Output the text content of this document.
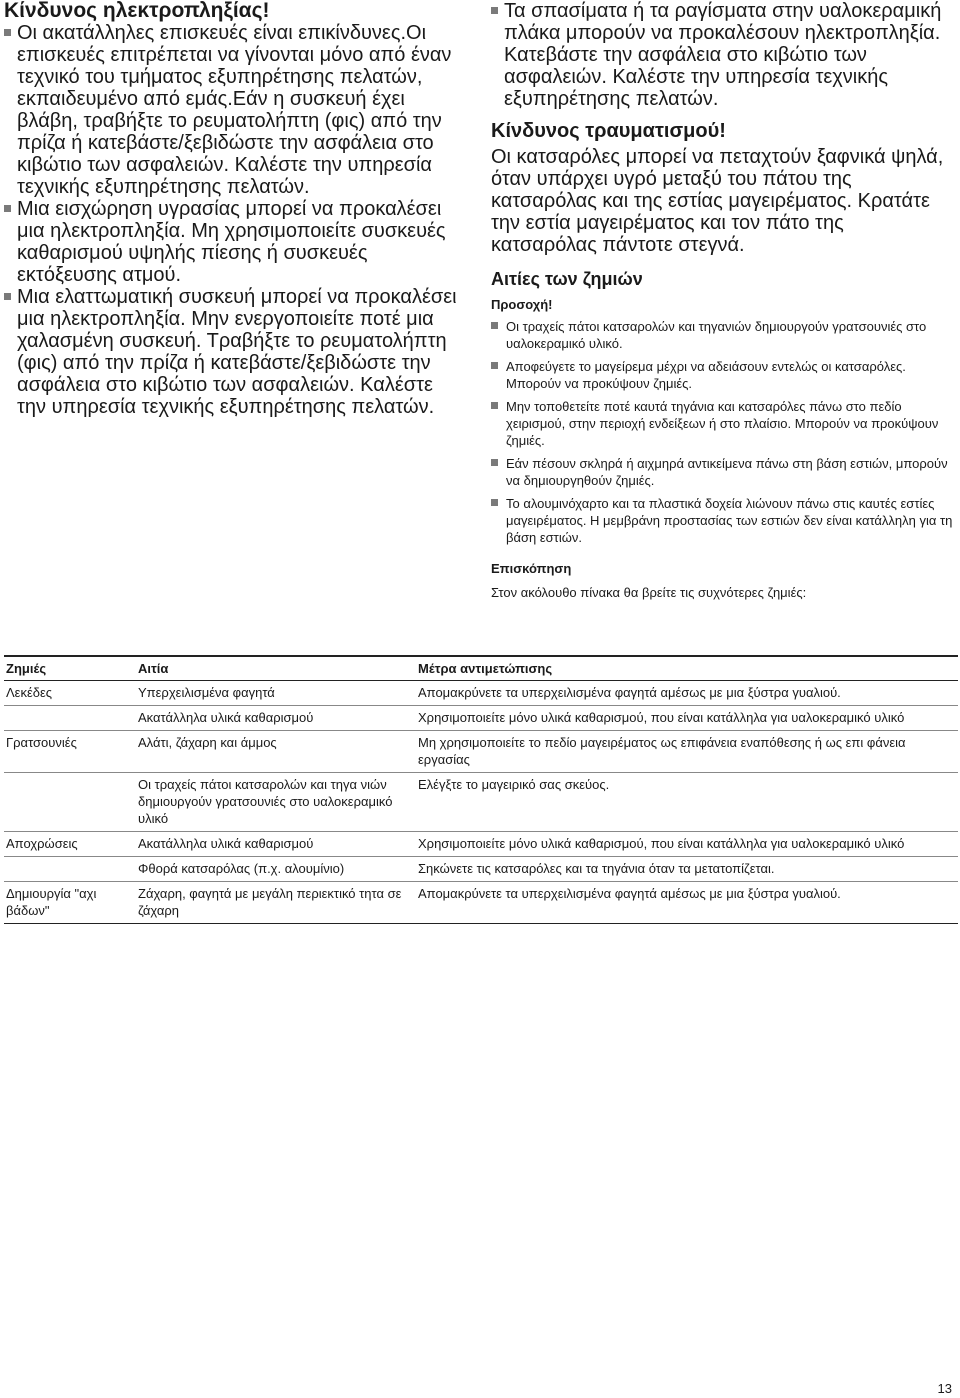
Κίνδυνος ηλεκτροπληξίας!

Οι ακατάλληλες επισκευές είναι επικίνδυνες.Οι επισκευές επιτρέπεται να γίνονται μόνο από έναν τεχνικό του τμήματος εξυπηρέτησης πελατών, εκπαιδευμένο από εμάς.Εάν η συσκευή έχει βλάβη, τραβήξτε το ρευματολήπτη (φις) από την πρίζα ή κατεβάστε/ξεβιδώστε την ασφάλεια στο κιβώτιο των ασφαλειών. Καλέστε την υπηρεσία τεχνικής εξυπηρέτησης πελατών.

Μια εισχώρηση υγρασίας μπορεί να προκαλέσει μια ηλεκτροπληξία. Μη χρησιμοποιείτε συσκευές καθαρισμού υψηλής πίεσης ή συσκευές εκτόξευσης ατμού.

Μια ελαττωματική συσκευή μπορεί να προκαλέσει μια ηλεκτροπληξία. Μην ενεργοποιείτε ποτέ μια χαλασμένη συσκευή. Τραβήξτε το ρευματολήπτη (φις) από την πρίζα ή κατεβάστε/ξεβιδώστε την ασφάλεια στο κιβώτιο των ασφαλειών. Καλέστε την υπηρεσία τεχνικής εξυπηρέτησης πελατών.

Τα σπασίματα ή τα ραγίσματα στην υαλοκεραμική πλάκα μπορούν να προκαλέσουν ηλεκτροπληξία. Κατεβάστε την ασφάλεια στο κιβώτιο των ασφαλειών. Καλέστε την υπηρεσία τεχνικής εξυπηρέτησης πελατών.

Κίνδυνος τραυματισμού!

Οι κατσαρόλες μπορεί να πεταχτούν ξαφνικά ψηλά, όταν υπάρχει υγρό μεταξύ του πάτου της κατσαρόλας και της εστίας μαγειρέματος. Κρατάτε την εστία μαγειρέματος και τον πάτο της κατσαρόλας πάντοτε στεγνά.

Αιτίες των ζημιών

Προσοχή!

Οι τραχείς πάτοι κατσαρολών και τηγανιών δημιουργούν γρατσουνιές στο υαλοκεραμικό υλικό.

Αποφεύγετε το μαγείρεμα μέχρι να αδειάσουν εντελώς οι κατσαρόλες. Μπορούν να προκύψουν ζημιές.

Μην τοποθετείτε ποτέ καυτά τηγάνια και κατσαρόλες πάνω στο πεδίο χειρισμού, στην περιοχή ενδείξεων ή στο πλαίσιο. Μπορούν να προκύψουν ζημιές.

Εάν πέσουν σκληρά ή αιχμηρά αντικείμενα πάνω στη βάση εστιών, μπορούν να δημιουργηθούν ζημιές.

Το αλουμινόχαρτο και τα πλαστικά δοχεία λιώνουν πάνω στις καυτές εστίες μαγειρέματος. Η μεμβράνη προστασίας των εστιών δεν είναι κατάλληλη για τη βάση εστιών.

Επισκόπηση

Στον ακόλουθο πίνακα θα βρείτε τις συχνότερες ζημιές:

Ζημιές	Αιτία	Μέτρα αντιμετώπισης
Λεκέδες	Υπερχειλισμένα φαγητά	Απομακρύνετε τα υπερχειλισμένα φαγητά αμέσως με μια ξύστρα γυαλιού.
	Ακατάλληλα υλικά καθαρισμού	Χρησιμοποιείτε μόνο υλικά καθαρισμού, που είναι κατάλληλα για υαλοκεραμικό υλικό
Γρατσουνιές	Αλάτι, ζάχαρη και άμμος	Μη χρησιμοποιείτε το πεδίο μαγειρέματος ως επιφάνεια εναπόθεσης ή ως επι φάνεια εργασίας
	Οι τραχείς πάτοι κατσαρολών και τηγα νιών δημιουργούν γρατσουνιές στο υαλοκεραμικό υλικό	Ελέγξτε το μαγειρικό σας σκεύος.
Αποχρώσεις	Ακατάλληλα υλικά καθαρισμού	Χρησιμοποιείτε μόνο υλικά καθαρισμού, που είναι κατάλληλα για υαλοκεραμικό υλικό
	Φθορά κατσαρόλας (π.χ. αλουμίνιο)	Σηκώνετε τις κατσαρόλες και τα τηγάνια όταν τα μετατοπίζεται.
Δημιουργία "αχι βάδων"	Ζάχαρη, φαγητά με μεγάλη περιεκτικό τητα σε ζάχαρη	Απομακρύνετε τα υπερχειλισμένα φαγητά αμέσως με μια ξύστρα γυαλιού.
13
